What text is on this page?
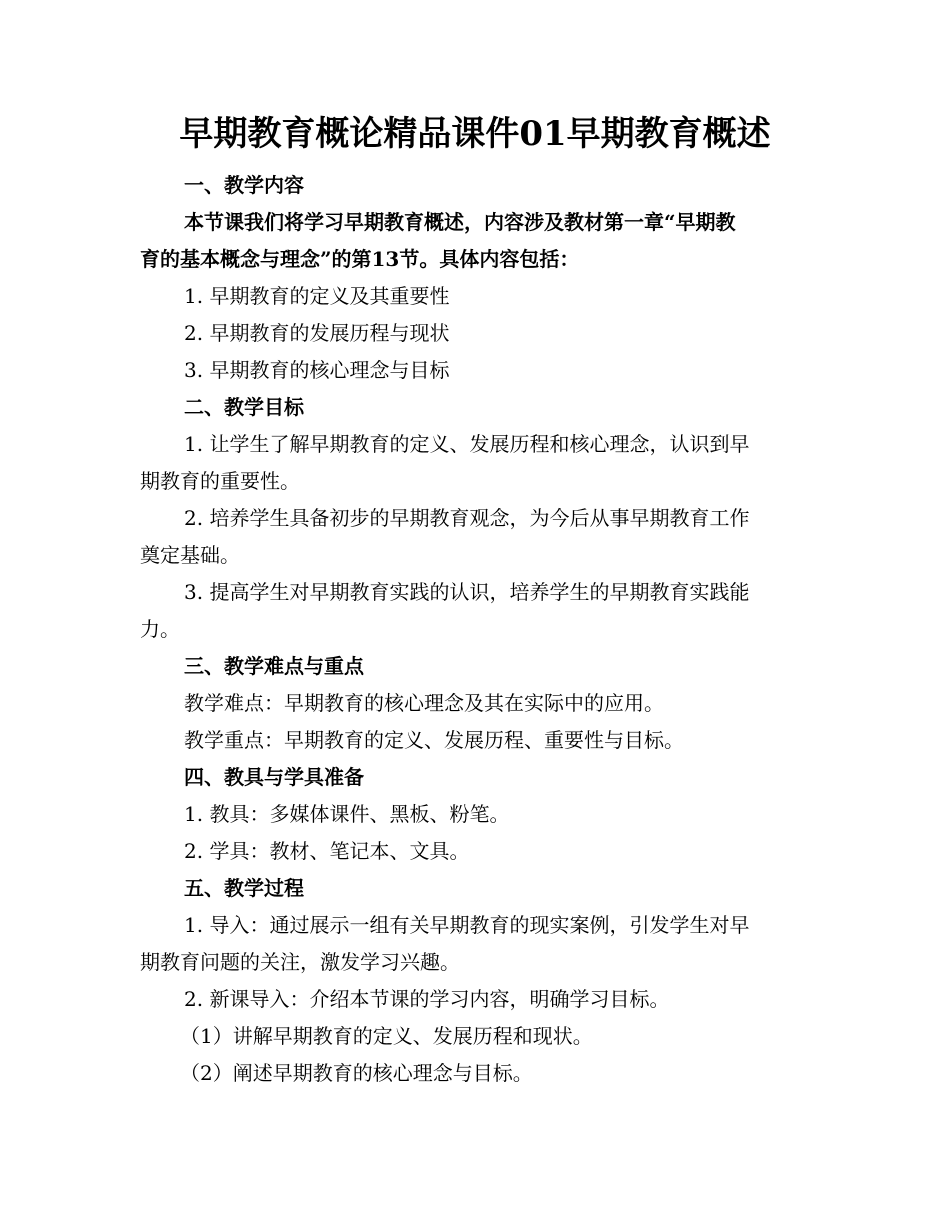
早期教育概论精品课件01早期教育概述
一、教学内容
本节课我们将学习早期教育概述，内容涉及教材第一章“早期教
育的基本概念与理念”的第13节。具体内容包括：
1. 早期教育的定义及其重要性
2. 早期教育的发展历程与现状
3. 早期教育的核心理念与目标
二、教学目标
1. 让学生了解早期教育的定义、发展历程和核心理念，认识到早
期教育的重要性。
2. 培养学生具备初步的早期教育观念，为今后从事早期教育工作
奠定基础。
3. 提高学生对早期教育实践的认识，培养学生的早期教育实践能
力。
三、教学难点与重点
教学难点：早期教育的核心理念及其在实际中的应用。
教学重点：早期教育的定义、发展历程、重要性与目标。
四、教具与学具准备
1. 教具：多媒体课件、黑板、粉笔。
2. 学具：教材、笔记本、文具。
五、教学过程
1. 导入：通过展示一组有关早期教育的现实案例，引发学生对早
期教育问题的关注，激发学习兴趣。
2. 新课导入：介绍本节课的学习内容，明确学习目标。
（1）讲解早期教育的定义、发展历程和现状。
（2）阐述早期教育的核心理念与目标。
